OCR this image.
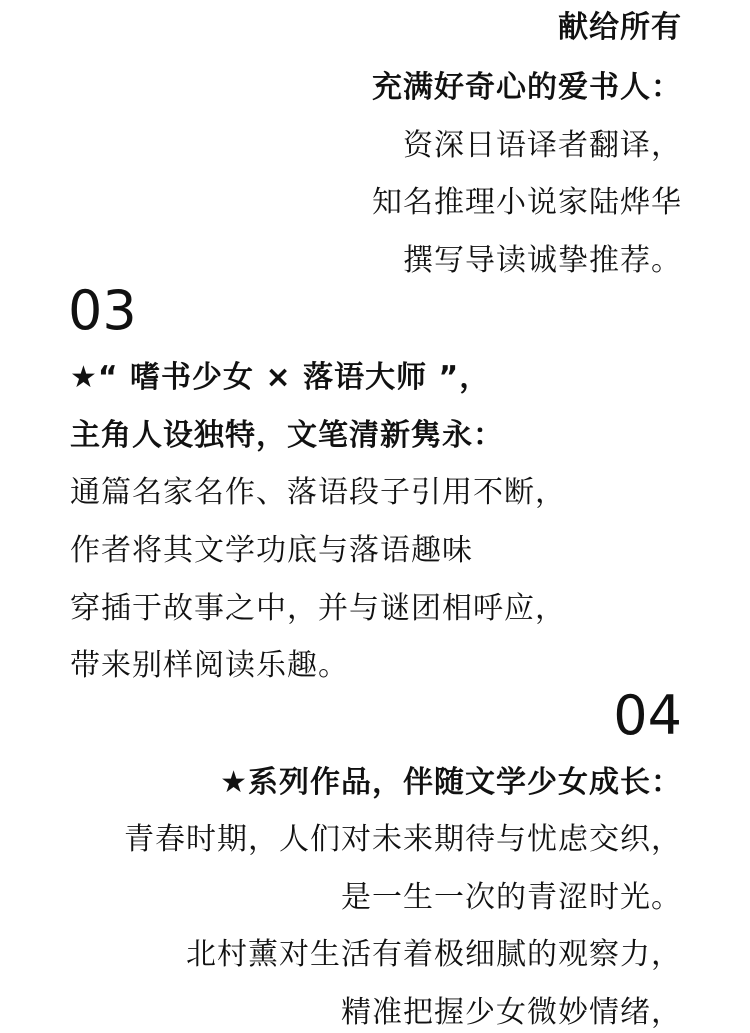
献给所有
充满好奇心的爱书人：
资深日语译者翻译，
知名推理小说家陆烨华
撰写导读诚挚推荐。
03
★“ 嗜书少女 × 落语大师 ”，
主角人设独特，文笔清新隽永：
通篇名家名作、落语段子引用不断，
作者将其文学功底与落语趣味
穿插于故事之中，并与谜团相呼应，
带来别样阅读乐趣。
04
★系列作品，伴随文学少女成长：
青春时期，人们对未来期待与忧虑交织，
是一生一次的青涩时光。
北村薰对生活有着极细腻的观察力，
精准把握少女微妙情绪，
